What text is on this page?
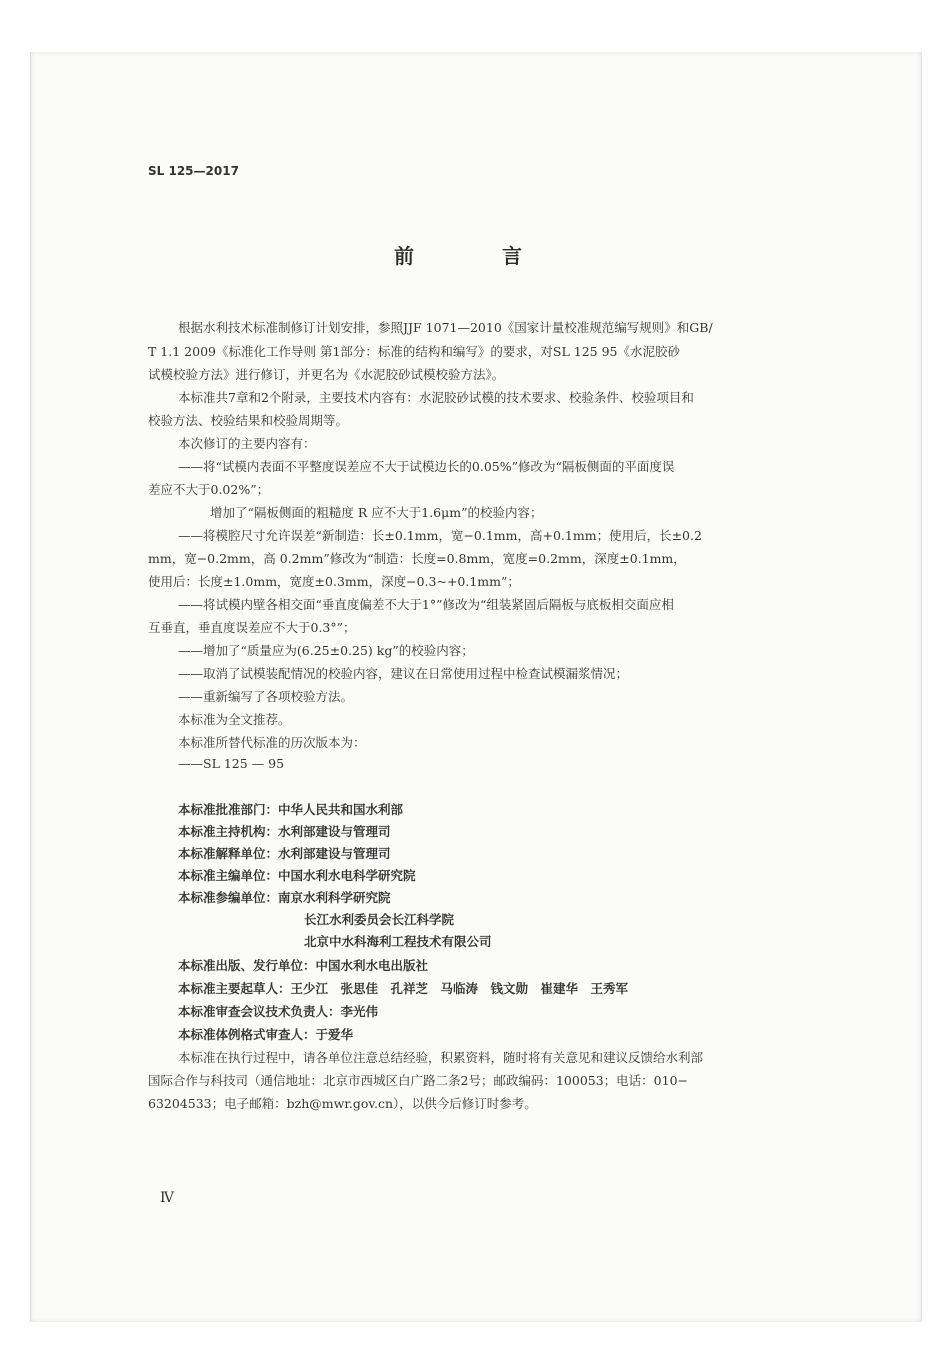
SL 125—2017
前　言
根据水利技术标准制修订计划安排，参照JJF 1071—2010《国家计量校准规范编写规则》和GB/
T 1.1 2009《标准化工作导则 第1部分：标准的结构和编写》的要求，对SL 125 95《水泥胶砂
试模校验方法》进行修订，并更名为《水泥胶砂试模校验方法》。
本标准共7章和2个附录，主要技术内容有：水泥胶砂试模的技术要求、校验条件、校验项目和
校验方法、校验结果和校验周期等。
本次修订的主要内容有：
——将“试模内表面不平整度误差应不大于试模边长的0.05%”修改为“隔板侧面的平面度误
差应不大于0.02%”；
增加了“隔板侧面的粗糙度 R 应不大于1.6μm”的校验内容；
——将模腔尺寸允许误差“新制造：长±0.1mm，宽−0.1mm，高+0.1mm；使用后，长±0.2
mm，宽−0.2mm，高 0.2mm”修改为“制造：长度=0.8mm，宽度=0.2mm，深度±0.1mm，
使用后：长度±1.0mm，宽度±0.3mm，深度−0.3~+0.1mm”；
——将试模内壁各相交面“垂直度偏差不大于1°”修改为“组装紧固后隔板与底板相交面应相
互垂直，垂直度误差应不大于0.3°”；
——增加了“质量应为(6.25±0.25) kg”的校验内容；
——取消了试模装配情况的校验内容，建议在日常使用过程中检查试模漏浆情况；
——重新编写了各项校验方法。
本标准为全文推荐。
本标准所替代标准的历次版本为：
——SL 125 — 95
本标准批准部门：中华人民共和国水利部
本标准主持机构：水利部建设与管理司
本标准解释单位：水利部建设与管理司
本标准主编单位：中国水利水电科学研究院
本标准参编单位：南京水利科学研究院
长江水利委员会长江科学院
北京中水科海利工程技术有限公司
本标准出版、发行单位：中国水利水电出版社
本标准主要起草人：王少江　张思佳　孔祥芝　马临涛　钱文勋　崔建华　王秀军
本标准审查会议技术负责人：李光伟
本标准体例格式审查人：于爱华
本标准在执行过程中，请各单位注意总结经验，积累资料，随时将有关意见和建议反馈给水利部
国际合作与科技司（通信地址：北京市西城区白广路二条2号；邮政编码：100053；电话：010−
63204533；电子邮箱：bzh@mwr.gov.cn），以供今后修订时参考。
Ⅳ
